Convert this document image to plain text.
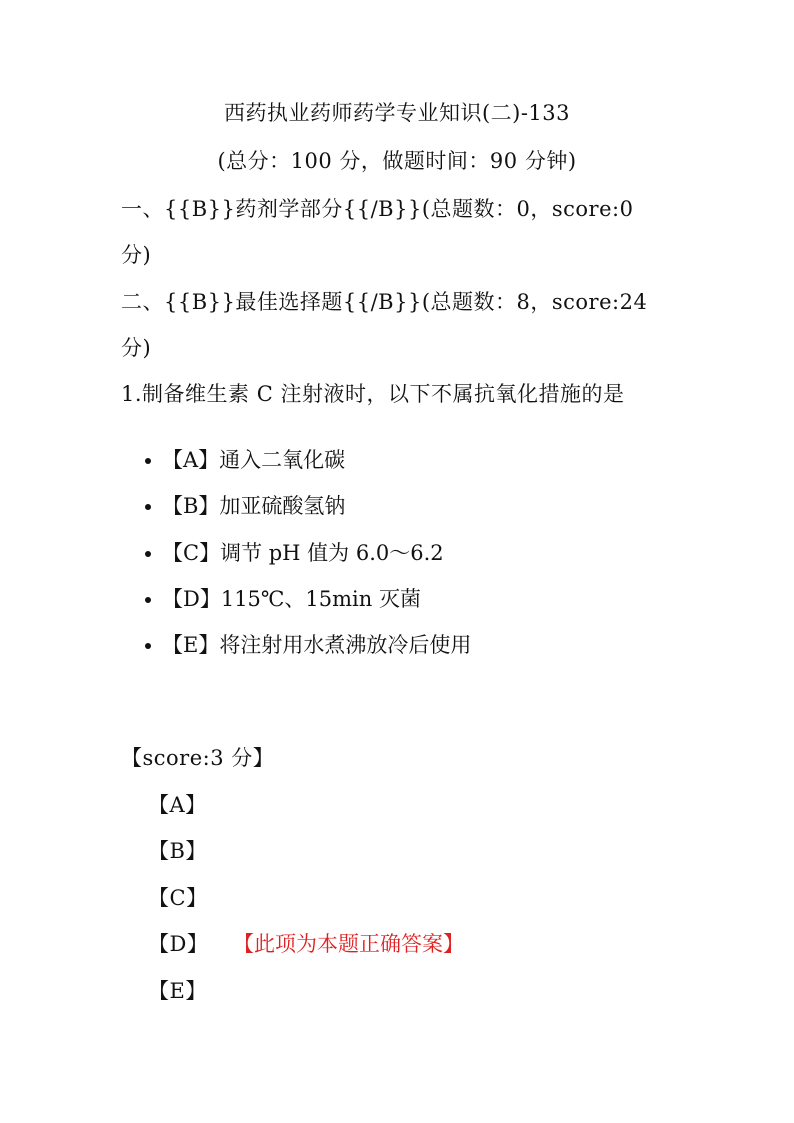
西药执业药师药学专业知识(二)-133
(总分：100 分，做题时间：90 分钟)
一、{{B}}药剂学部分{{/B}}(总题数：0，score:0
分)
二、{{B}}最佳选择题{{/B}}(总题数：8，score:24
分)
1.制备维生素 C 注射液时，以下不属抗氧化措施的是
【A】通入二氧化碳
【B】加亚硫酸氢钠
【C】调节 pH 值为 6.0～6.2
【D】115℃、15min 灭菌
【E】将注射用水煮沸放冷后使用
【score:3 分】
【A】
【B】
【C】
【D】 【此项为本题正确答案】
【E】
